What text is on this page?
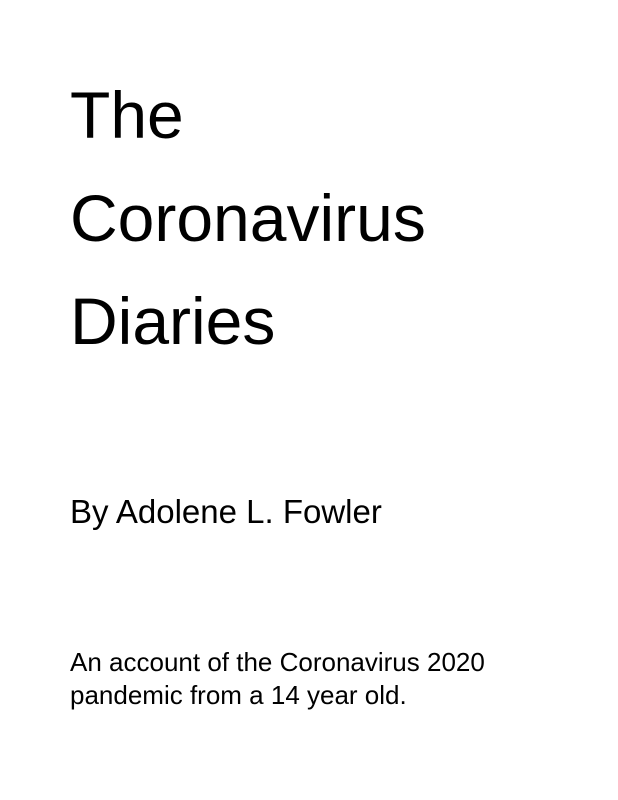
The
Coronavirus
Diaries

By Adolene L. Fowler

An account of the Coronavirus 2020
pandemic from a 14 year old.
